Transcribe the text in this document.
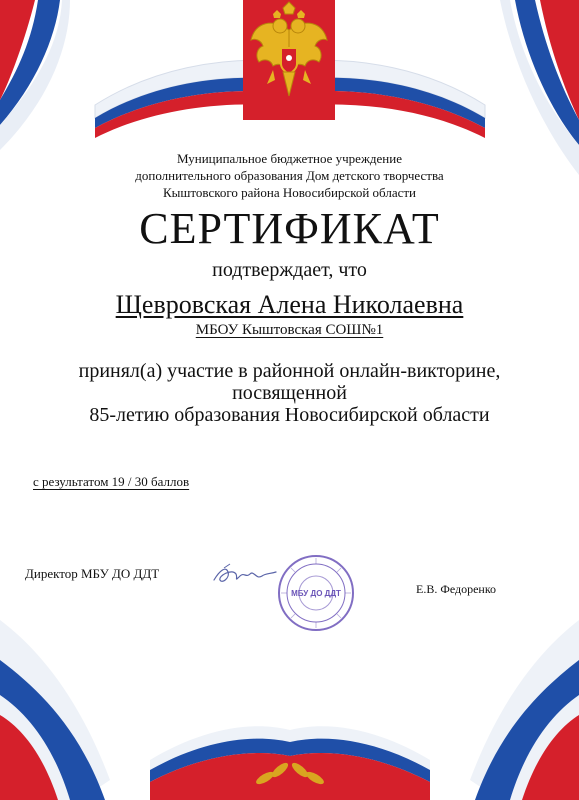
Муниципальное бюджетное учреждение
дополнительного образования Дом детского творчества
Кыштовского района Новосибирской области
СЕРТИФИКАТ
подтверждает, что
Щевровская Алена Николаевна
МБОУ Кыштовская СОШ№1
принял(а) участие в районной онлайн-викторине,
посвященной
85-летию образования Новосибирской области
с результатом 19 / 30 баллов
Директор МБУ ДО ДДТ
МБУ ДО ДДТ	Е.В. Федоренко
